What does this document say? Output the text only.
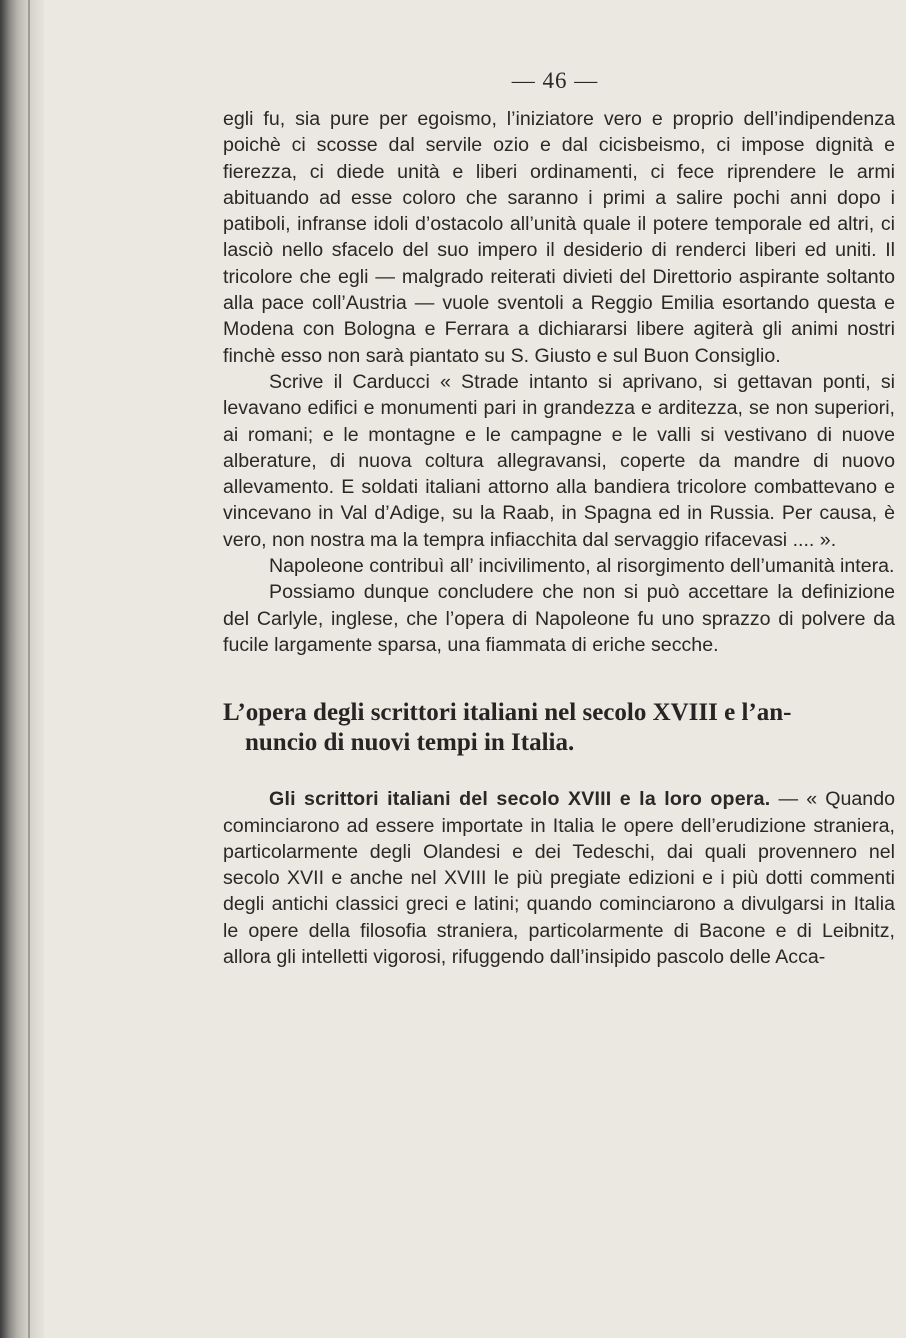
— 46 —

egli fu, sia pure per egoismo, l’iniziatore vero e proprio dell’indipendenza poichè ci scosse dal servile ozio e dal cicisbeismo, ci impose dignità e fierezza, ci diede unità e liberi ordinamenti, ci fece riprendere le armi abituando ad esse coloro che saranno i primi a salire pochi anni dopo i patiboli, infranse idoli d’ostacolo all’unità quale il potere temporale ed altri, ci lasciò nello sfacelo del suo impero il desiderio di renderci liberi ed uniti. Il tricolore che egli — malgrado reiterati divieti del Direttorio aspirante soltanto alla pace coll’Austria — vuole sventoli a Reggio Emilia esortando questa e Modena con Bologna e Ferrara a dichiararsi libere agiterà gli animi nostri finchè esso non sarà piantato su S. Giusto e sul Buon Consiglio.

Scrive il Carducci « Strade intanto si aprivano, si gettavan ponti, si levavano edifici e monumenti pari in grandezza e arditezza, se non superiori, ai romani; e le montagne e le campagne e le valli si vestivano di nuove alberature, di nuova coltura allegravansi, coperte da mandre di nuovo allevamento. E soldati italiani attorno alla bandiera tricolore combattevano e vincevano in Val d’Adige, su la Raab, in Spagna ed in Russia. Per causa, è vero, non nostra ma la tempra infiacchita dal servaggio rifacevasi .... ».

Napoleone contribuì all’ incivilimento, al risorgimento dell’umanità intera.

Possiamo dunque concludere che non si può accettare la definizione del Carlyle, inglese, che l’opera di Napoleone fu uno sprazzo di polvere da fucile largamente sparsa, una fiammata di eriche secche.

L’opera degli scrittori italiani nel secolo XVIII e l’an-
nuncio di nuovi tempi in Italia.

Gli scrittori italiani del secolo XVIII e la loro opera. — « Quando cominciarono ad essere importate in Italia le opere dell’erudizione straniera, particolarmente degli Olandesi e dei Tedeschi, dai quali provennero nel secolo XVII e anche nel XVIII le più pregiate edizioni e i più dotti commenti degli antichi classici greci e latini; quando cominciarono a divulgarsi in Italia le opere della filosofia straniera, particolarmente di Bacone e di Leibnitz, allora gli intelletti vigorosi, rifuggendo dall’insipido pascolo delle Acca-
